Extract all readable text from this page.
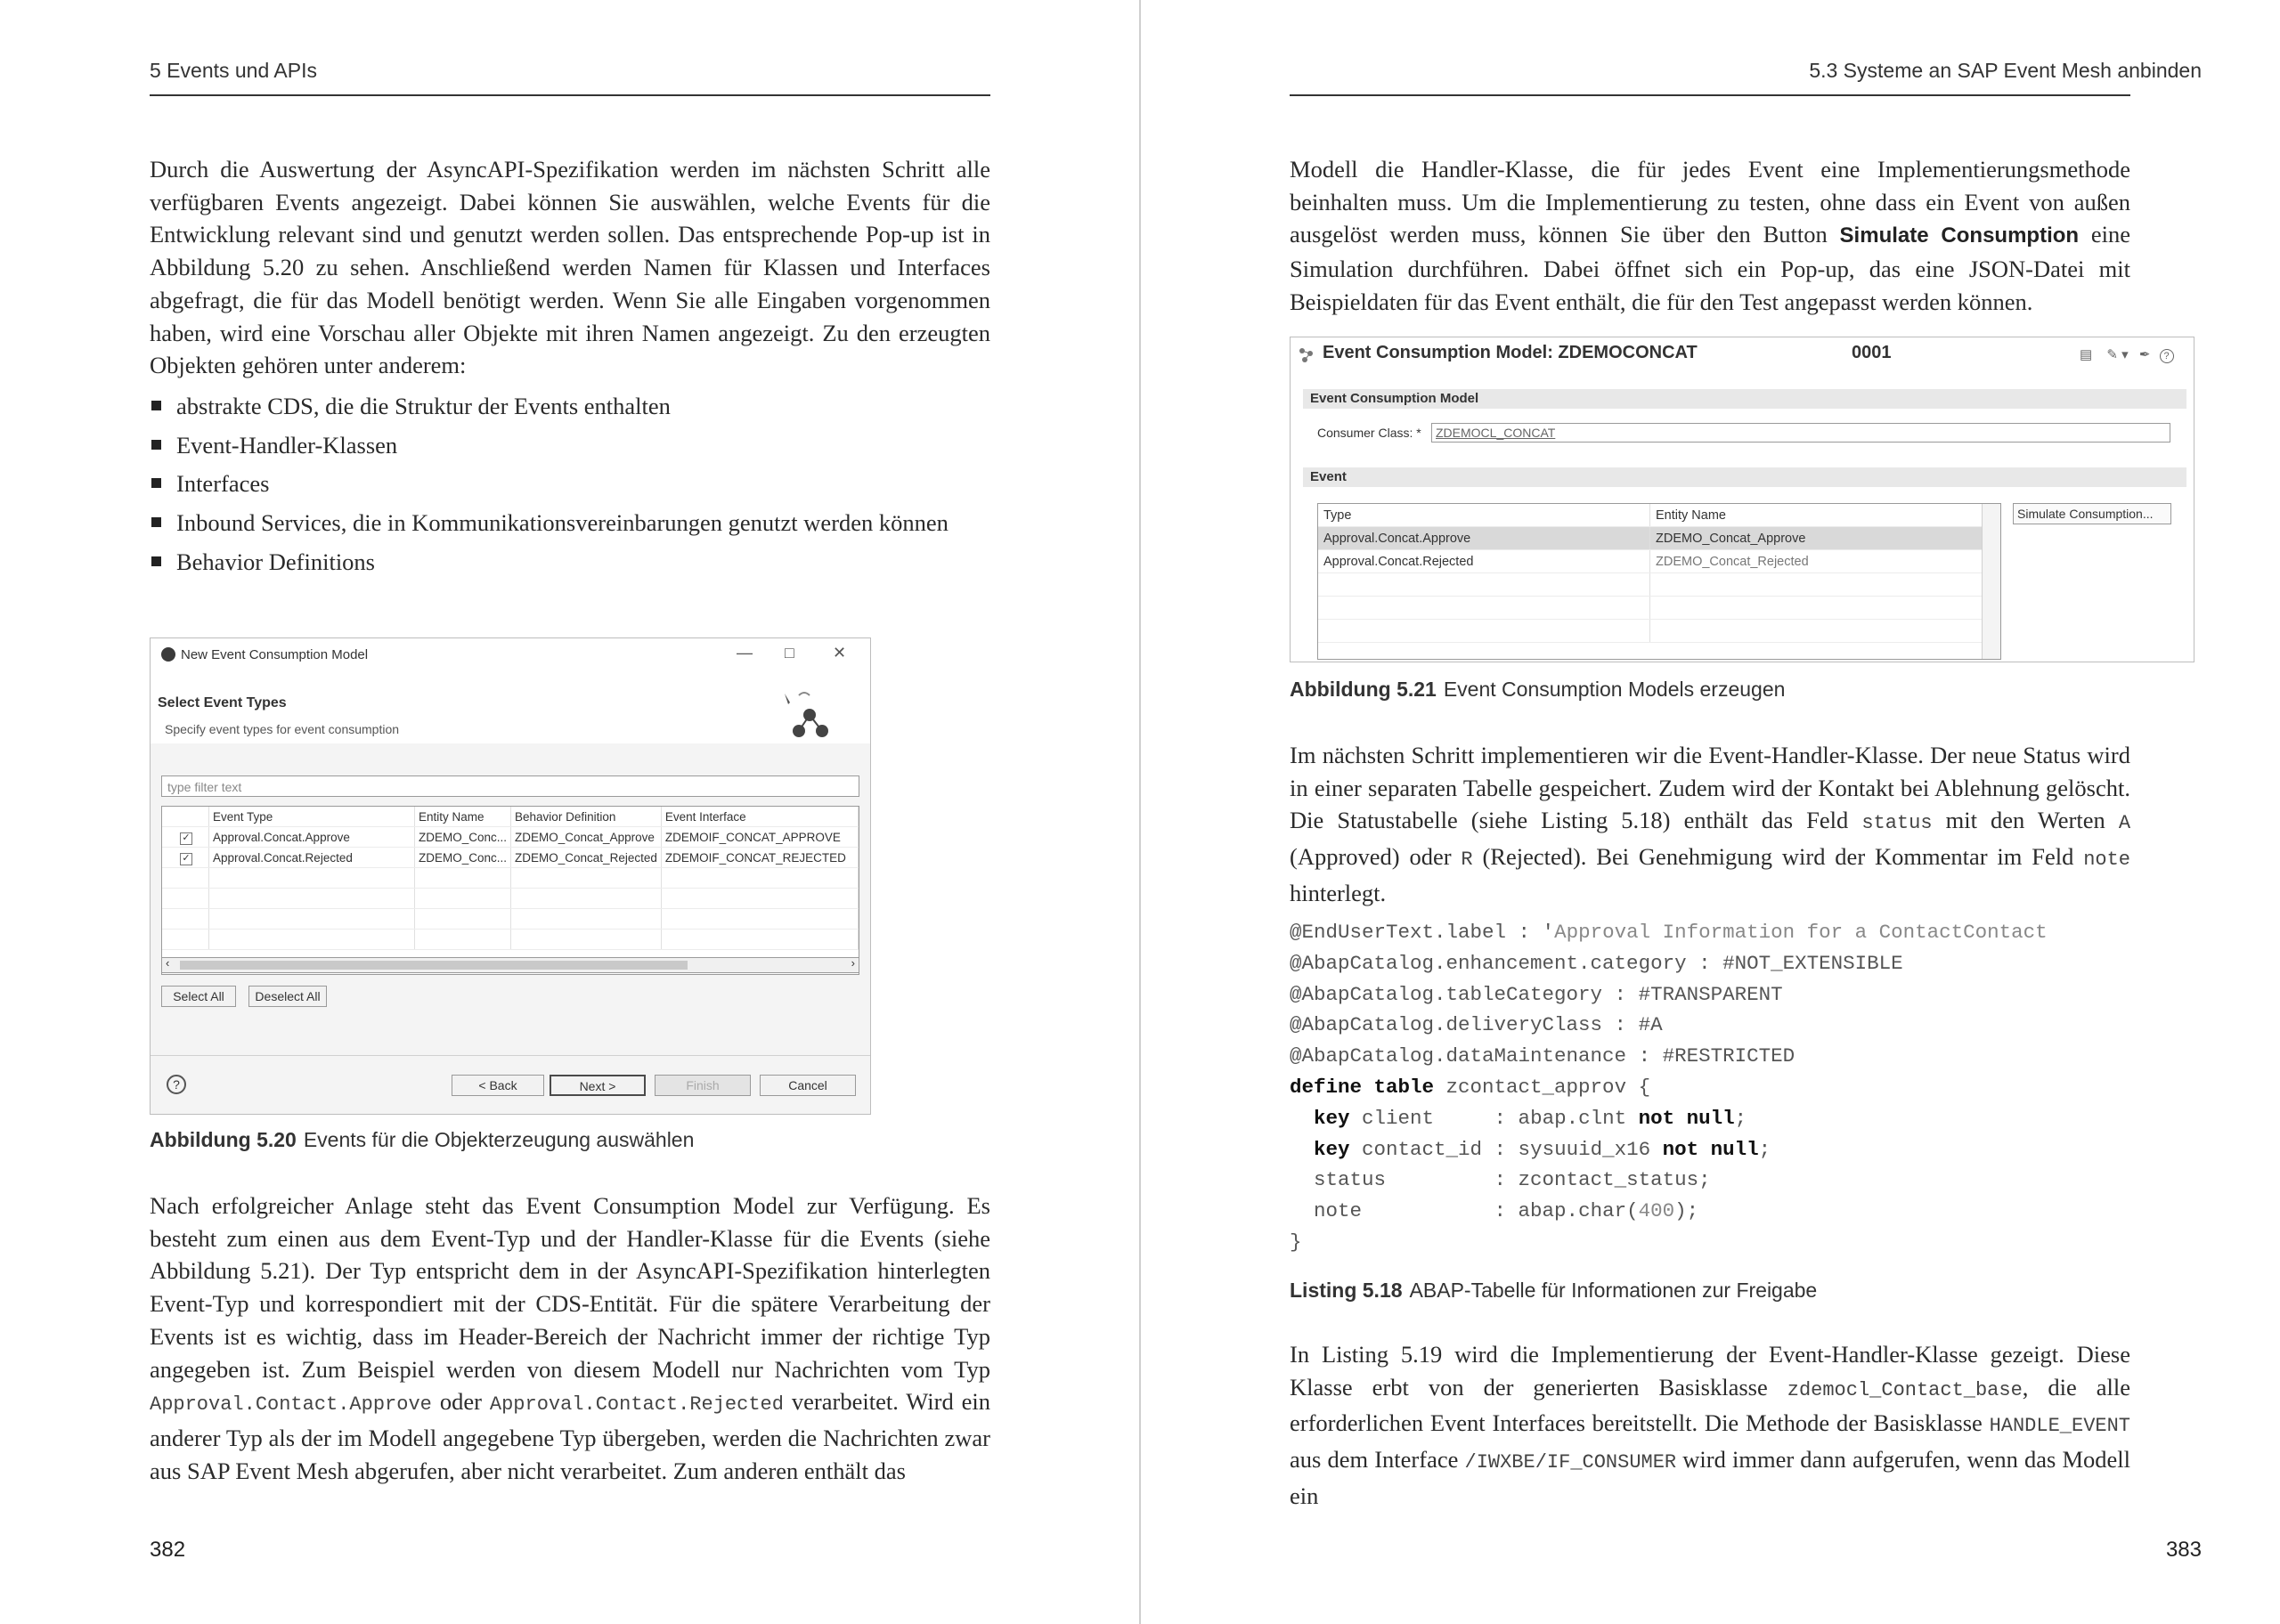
5 Events und APIs

Durch die Auswertung der AsyncAPI-Spezifikation werden im nächsten Schritt alle verfügbaren Events angezeigt. Dabei können Sie auswählen, welche Events für die Entwicklung relevant sind und genutzt werden sollen. Das entsprechende Pop-up ist in Abbildung 5.20 zu sehen. Anschließend werden Namen für Klassen und Interfaces abgefragt, die für das Modell benötigt werden. Wenn Sie alle Eingaben vorgenommen haben, wird eine Vorschau aller Objekte mit ihren Namen angezeigt. Zu den erzeugten Objekten gehören unter anderem:

abstrakte CDS, die die Struktur der Events enthalten
Event-Handler-Klassen
Interfaces
Inbound Services, die in Kommunikationsvereinbarungen genutzt werden können
Behavior Definitions
New Event Consumption Model	— □ ✕
Select Event Types
Specify event types for event consumption
type filter text
	Event Type	Entity Name	Behavior Definition	Event Interface
✓	Approval.Concat.Approve	ZDEMO_Conc...	ZDEMO_Concat_Approve	ZDEMOIF_CONCAT_APPROVE
✓	Approval.Concat.Rejected	ZDEMO_Conc...	ZDEMO_Concat_Rejected	ZDEMOIF_CONCAT_REJECTED

‹	›
Select All	Deselect All
?	< Back	Next >	Finish	Cancel
Abbildung 5.20 Events für die Objekterzeugung auswählen

Nach erfolgreicher Anlage steht das Event Consumption Model zur Verfügung. Es besteht zum einen aus dem Event-Typ und der Handler-Klasse für die Events (siehe Abbildung 5.21). Der Typ entspricht dem in der AsyncAPI-Spezifikation hinterlegten Event-Typ und korrespondiert mit der CDS-Entität. Für die spätere Verarbeitung der Events ist es wichtig, dass im Header-Bereich der Nachricht immer der richtige Typ angegeben ist. Zum Beispiel werden von diesem Modell nur Nachrichten vom Typ Approval.Contact.Approve oder Approval.Contact.Rejected verarbeitet. Wird ein anderer Typ als der im Modell angegebene Typ übergeben, werden die Nachrichten zwar aus SAP Event Mesh abgerufen, aber nicht verarbeitet. Zum anderen enthält das

382
5.3 Systeme an SAP Event Mesh anbinden

Modell die Handler-Klasse, die für jedes Event eine Implementierungsmethode beinhalten muss. Um die Implementierung zu testen, ohne dass ein Event von außen ausgelöst werden muss, können Sie über den Button Simulate Consumption eine Simulation durchführen. Dabei öffnet sich ein Pop-up, das eine JSON-Datei mit Beispieldaten für das Event enthält, die für den Test angepasst werden können.

383
Event Consumption Model: ZDEMOCONCAT	0001	▤ ✎ ▾ ✒ ?
Event Consumption Model
Consumer Class: *	ZDEMOCL_CONCAT
Event
Type	Entity Name
Approval.Concat.Approve	ZDEMO_Concat_Approve
Approval.Concat.Rejected	ZDEMO_Concat_Rejected

Simulate Consumption...
Abbildung 5.21 Event Consumption Models erzeugen

Im nächsten Schritt implementieren wir die Event-Handler-Klasse. Der neue Status wird in einer separaten Tabelle gespeichert. Zudem wird der Kontakt bei Ablehnung gelöscht. Die Statustabelle (siehe Listing 5.18) enthält das Feld status mit den Werten A (Approved) oder R (Rejected). Bei Genehmigung wird der Kommentar im Feld note hinterlegt.

@EndUserText.label : 'Approval Information for a ContactContact
@AbapCatalog.enhancement.category : #NOT_EXTENSIBLE
@AbapCatalog.tableCategory : #TRANSPARENT
@AbapCatalog.deliveryClass : #A
@AbapCatalog.dataMaintenance : #RESTRICTED
define table zcontact_approv {
key client     : abap.clnt not null;
key contact_id : sysuuid_x16 not null;
status         : zcontact_status;
note           : abap.char(400);
}
Listing 5.18 ABAP-Tabelle für Informationen zur Freigabe

In Listing 5.19 wird die Implementierung der Event-Handler-Klasse gezeigt. Diese Klasse erbt von der generierten Basisklasse zdemocl_Contact_base, die alle erforderlichen Event Interfaces bereitstellt. Die Methode der Basisklasse HANDLE_EVENT aus dem Interface /IWXBE/IF_CONSUMER wird immer dann aufgerufen, wenn das Modell ein
